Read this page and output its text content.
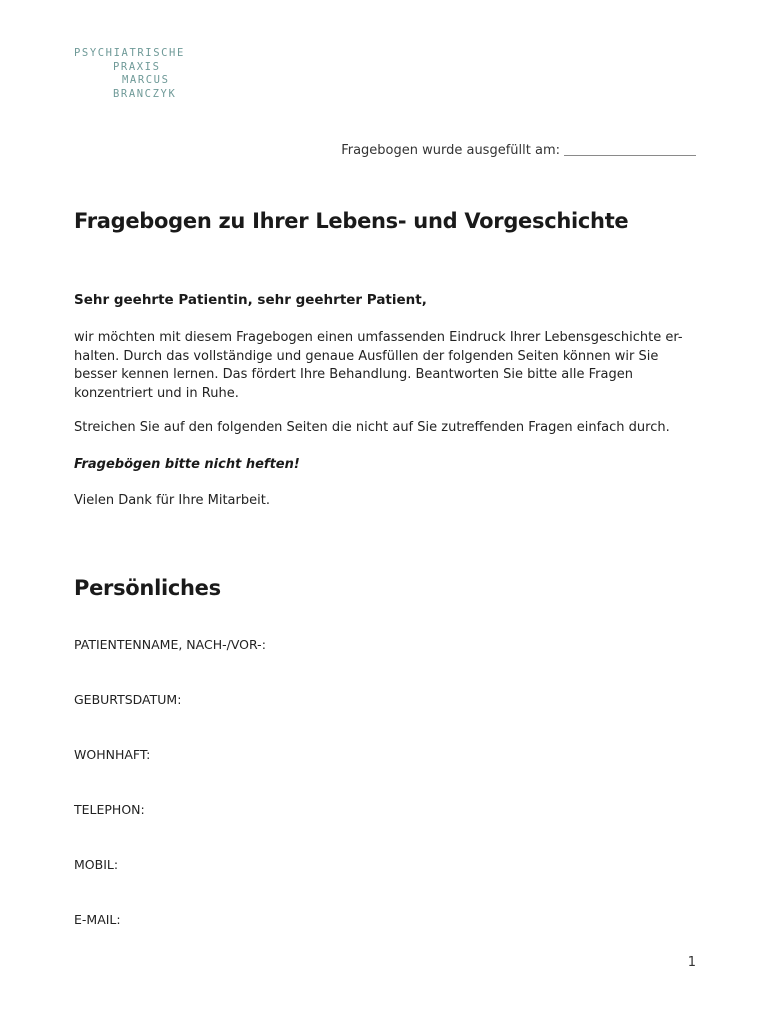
PSYCHIATRISCHE
PRAXIS
MARCUS
BRANCZYK
Fragebogen wurde ausgefüllt am:
Fragebogen zu Ihrer Lebens- und Vorgeschichte

Sehr geehrte Patientin, sehr geehrter Patient,

wir möchten mit diesem Fragebogen einen umfassenden Eindruck Ihrer Lebensgeschichte er-halten. Durch das vollständige und genaue Ausfüllen der folgenden Seiten können wir Sie besser kennen lernen. Das fördert Ihre Behandlung. Beantworten Sie bitte alle Fragen konzentriert und in Ruhe.

Streichen Sie auf den folgenden Seiten die nicht auf Sie zutreffenden Fragen einfach durch.

Fragebögen bitte nicht heften!

Vielen Dank für Ihre Mitarbeit.

Persönliches

PATIENTENNAME, NACH-/VOR-:

GEBURTSDATUM:

WOHNHAFT:

TELEPHON:

MOBIL:

E-MAIL:

1
